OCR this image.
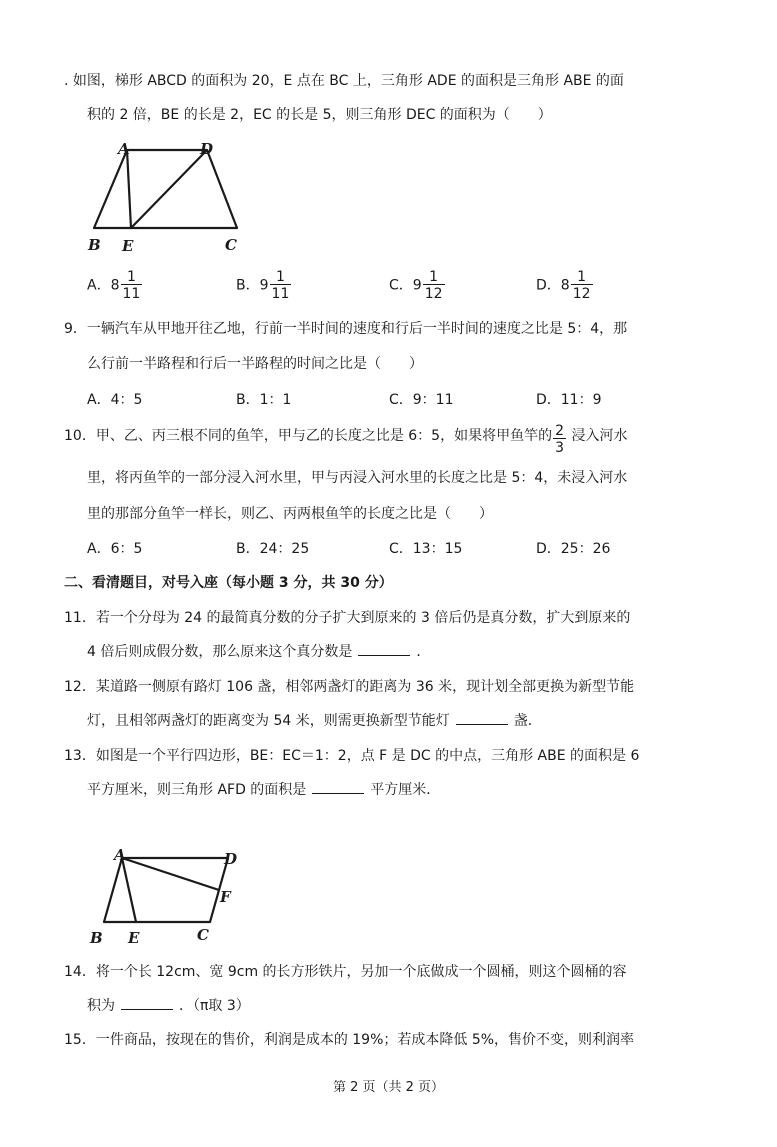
. 如图，梯形 ABCD 的面积为 20，E 点在 BC 上，三角形 ADE 的面积是三角形 ABE 的面
积的 2 倍，BE 的长是 2，EC 的长是 5，则三角形 DEC 的面积为（　　）
A	D
B E	C
A．$8 \frac{1}{11}$	B．$9 \frac{1}{11}$	C．$9 \frac{1}{12}$	D．$8 \frac{1}{12}$
9．一辆汽车从甲地开往乙地，行前一半时间的速度和行后一半时间的速度之比是 5：4，那
么行前一半路程和行后一半路程的时间之比是（　　）
A．4：5	B．1：1	C．9：11	D．11：9
10．甲、乙、丙三根不同的鱼竿，甲与乙的长度之比是 6：5，如果将甲鱼竿的 $\frac{2}{3}$ 浸入河水
里，将丙鱼竿的一部分浸入河水里，甲与丙浸入河水里的长度之比是 5：4，未浸入河水
里的那部分鱼竿一样长，则乙、丙两根鱼竿的长度之比是（　　）
A．6：5	B．24：25	C．13：15	D．25：26
二、看清题目，对号入座（每小题 3 分，共 30 分）
11．若一个分母为 24 的最简真分数的分子扩大到原来的 3 倍后仍是真分数，扩大到原来的
4 倍后则成假分数，那么原来这个真分数是	．
12．某道路一侧原有路灯 106 盏，相邻两盏灯的距离为 36 米，现计划全部更换为新型节能
灯，且相邻两盏灯的距离变为 54 米，则需更换新型节能灯	盏．
13．如图是一个平行四边形，BE：EC＝1：2，点 F 是 DC 的中点，三角形 ABE 的面积是 6
平方厘米，则三角形 AFD 的面积是	平方厘米．
A	D
F
B E	C
14．将一个长 12cm、宽 9cm 的长方形铁片，另加一个底做成一个圆桶，则这个圆桶的容
积为	．（π取 3）
15．一件商品，按现在的售价，利润是成本的 19%；若成本降低 5%，售价不变，则利润率
第 2 页（共 2 页）
